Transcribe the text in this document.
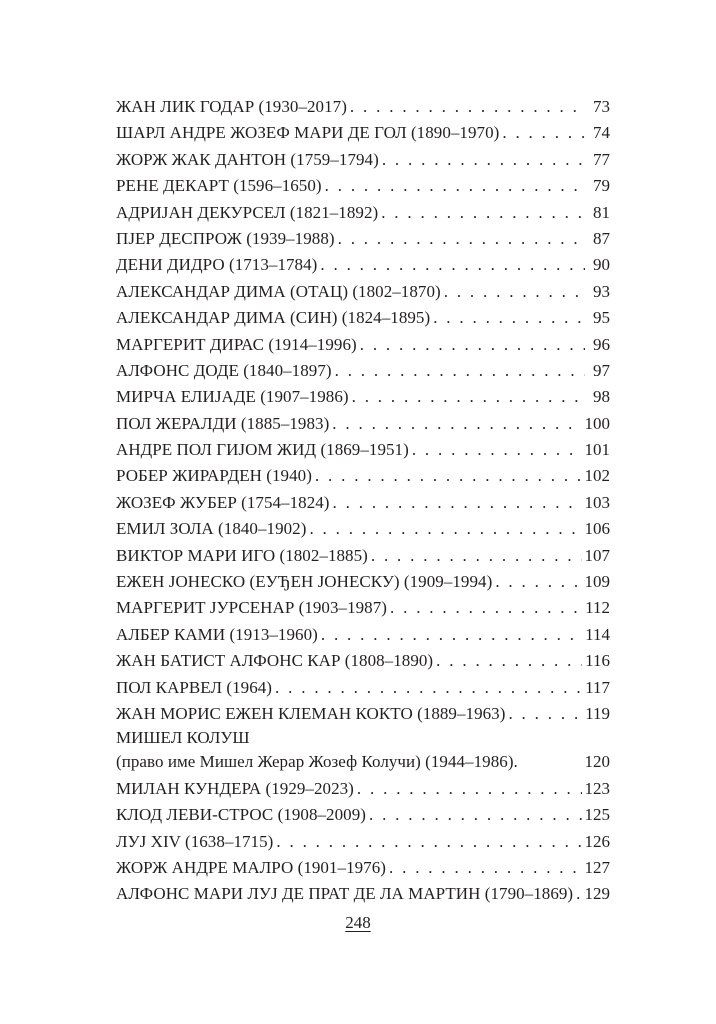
ЖАН ЛИК ГОДАР (1930–2017) . . .	73
ШАРЛ АНДРЕ ЖОЗЕФ МАРИ ДЕ ГОЛ (1890–1970) . . .	74
ЖОРЖ ЖАК ДАНТОН (1759–1794) . . .	77
РЕНЕ ДЕКАРТ (1596–1650) . . .	79
АДРИЈАН ДЕКУРСЕЛ (1821–1892) . . .	81
ПЈЕР ДЕСПРОЖ (1939–1988) . . .	87
ДЕНИ ДИДРО (1713–1784) . . .	90
АЛЕКСАНДАР ДИМА (ОТАЦ) (1802–1870) . . .	93
АЛЕКСАНДАР ДИМА (СИН) (1824–1895) . . .	95
МАРГЕРИТ ДИРАС (1914–1996) . . .	96
АЛФОНС ДОДЕ (1840–1897) . . .	97
МИРЧА ЕЛИЈАДЕ (1907–1986) . . .	98
ПОЛ ЖЕРАЛДИ (1885–1983) . . .	100
АНДРЕ ПОЛ ГИЈОМ ЖИД (1869–1951) . . .	101
РОБЕР ЖИРАРДЕН (1940) . . .	102
ЖОЗЕФ ЖУБЕР (1754–1824) . . .	103
ЕМИЛ ЗОЛА (1840–1902) . . .	106
ВИКТОР МАРИ ИГО (1802–1885) . . .	107
ЕЖЕН ЈОНЕСКО (ЕУЂЕН ЈОНЕСКУ) (1909–1994) . . .	109
МАРГЕРИТ ЈУРСЕНАР (1903–1987) . . .	112
АЛБЕР КАМИ (1913–1960) . . .	114
ЖАН БАТИСТ АЛФОНС КАР (1808–1890) . . .	116
ПОЛ КАРВЕЛ (1964) . . .	117
ЖАН МОРИС ЕЖЕН КЛЕМАН КОКТО (1889–1963) . . .	119
МИШЕЛ КОЛУШ
(право име Мишел Жерар Жозеф Колучи) (1944–1986).	120
МИЛАН КУНДЕРА (1929–2023) . . .	123
КЛОД ЛЕВИ-СТРОС (1908–2009) . . .	125
ЛУЈ XIV (1638–1715) . . .	126
ЖОРЖ АНДРЕ МАЛРО (1901–1976) . . .	127
АЛФОНС МАРИ ЛУЈ ДЕ ПРАТ ДЕ ЛА МАРТИН (1790–1869) . . . 129
248
